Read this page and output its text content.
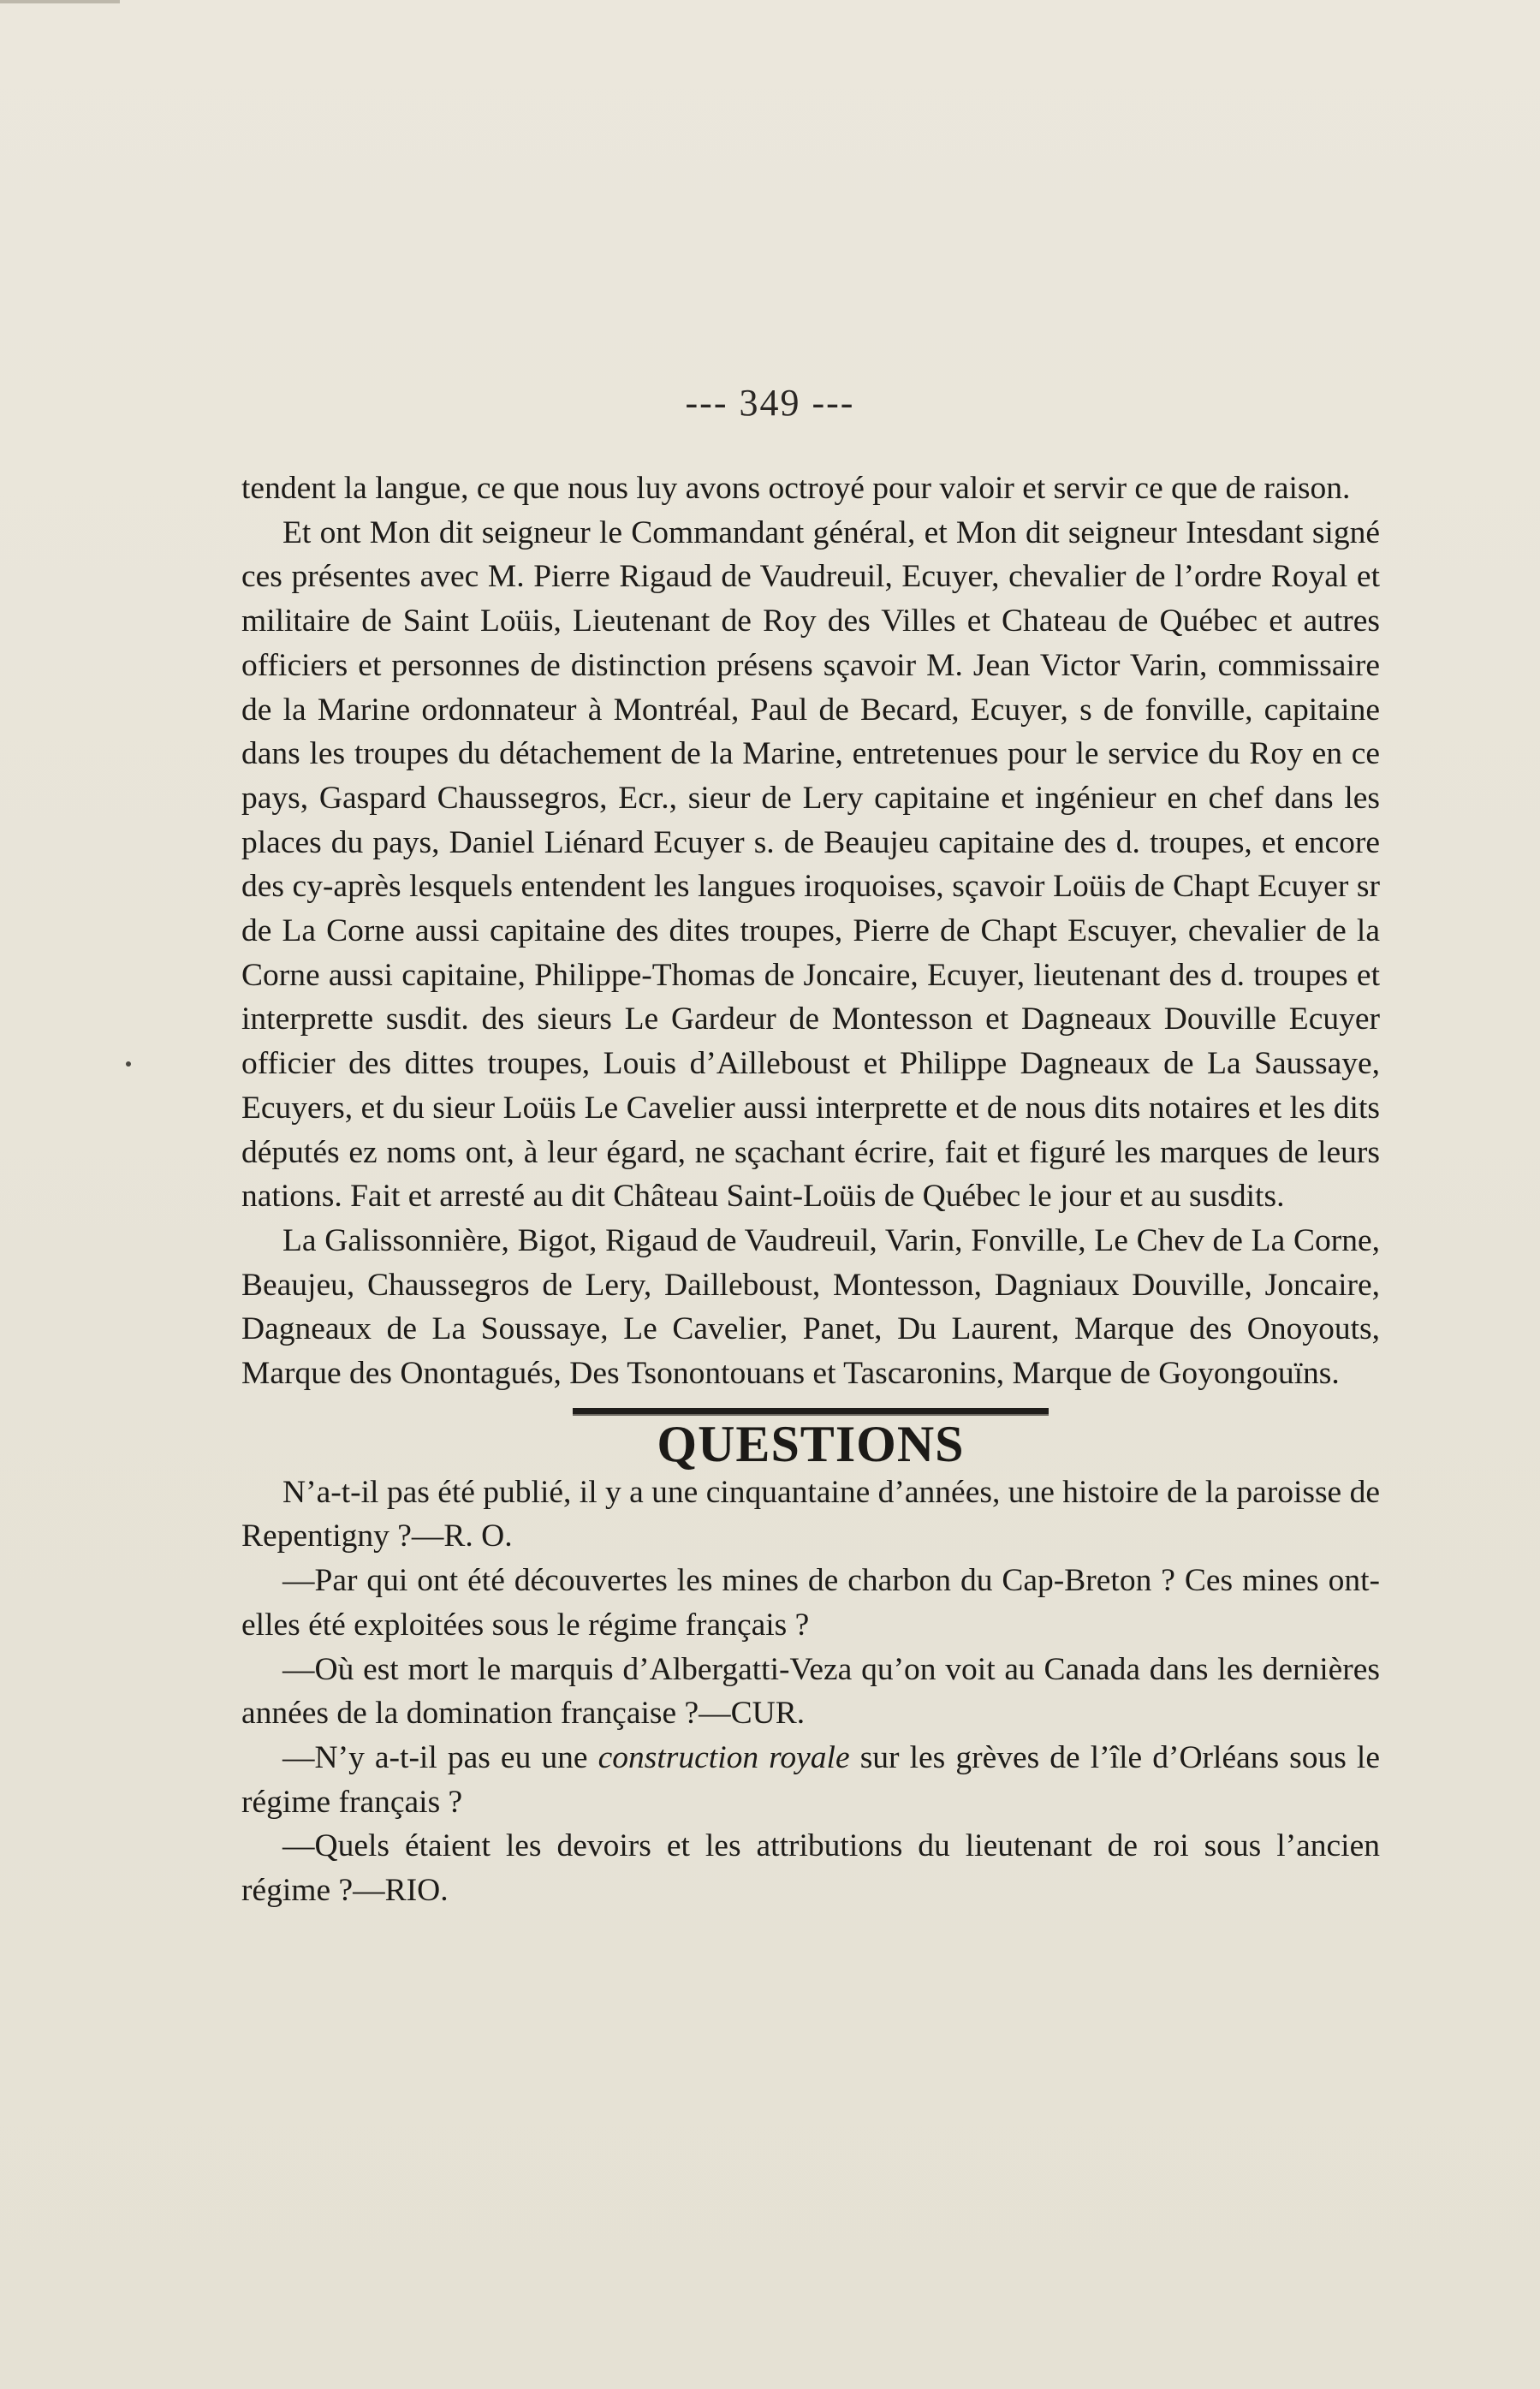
--- 349 ---

tendent la langue, ce que nous luy avons octroyé pour valoir et servir ce que de raison.

Et ont Mon dit seigneur le Commandant général, et Mon dit seigneur Intesdant signé ces présentes avec M. Pierre Rigaud de Vaudreuil, Ecuyer, chevalier de l’ordre Royal et militaire de Saint Loüis, Lieutenant de Roy des Villes et Chateau de Québec et autres officiers et personnes de distinction présens sçavoir M. Jean Victor Varin, commissaire de la Marine ordonnateur à Montréal, Paul de Becard, Ecuyer, s de fonville, capitaine dans les troupes du détachement de la Marine, entretenues pour le service du Roy en ce pays, Gaspard Chaussegros, Ecr., sieur de Lery capitaine et ingénieur en chef dans les places du pays, Daniel Liénard Ecuyer s. de Beaujeu capitaine des d. troupes, et encore des cy-après lesquels entendent les langues iroquoises, sçavoir Loüis de Chapt Ecuyer sr de La Corne aussi capitaine des dites troupes, Pierre de Chapt Escuyer, chevalier de la Corne aussi capitaine, Philippe-Thomas de Joncaire, Ecuyer, lieutenant des d. troupes et interprette susdit. des sieurs Le Gardeur de Montesson et Dagneaux Douville Ecuyer officier des dittes troupes, Louis d’Ailleboust et Philippe Dagneaux de La Saussaye, Ecuyers, et du sieur Loüis Le Cavelier aussi interprette et de nous dits notaires et les dits députés ez noms ont, à leur égard, ne sçachant écrire, fait et figuré les marques de leurs nations. Fait et arresté au dit Château Saint-Loüis de Québec le jour et au susdits.

La Galissonnière, Bigot, Rigaud de Vaudreuil, Varin, Fonville, Le Chev de La Corne, Beaujeu, Chaussegros de Lery, Dailleboust, Montesson, Dagniaux Douville, Joncaire, Dagneaux de La Soussaye, Le Cavelier, Panet, Du Laurent, Marque des Onoyouts, Marque des Onontagués, Des Tsonontouans et Tascaronins, Marque de Goyongouïns.

QUESTIONS

N’a-t-il pas été publié, il y a une cinquantaine d’années, une histoire de la paroisse de Repentigny ?—R. O.

—Par qui ont été découvertes les mines de charbon du Cap-Breton ? Ces mines ont-elles été exploitées sous le régime français ?

—Où est mort le marquis d’Albergatti-Veza qu’on voit au Canada dans les dernières années de la domination française ?—CUR.

—N’y a-t-il pas eu une construction royale sur les grèves de l’île d’Orléans sous le régime français ?

—Quels étaient les devoirs et les attributions du lieutenant de roi sous l’ancien régime ?—RIO.
